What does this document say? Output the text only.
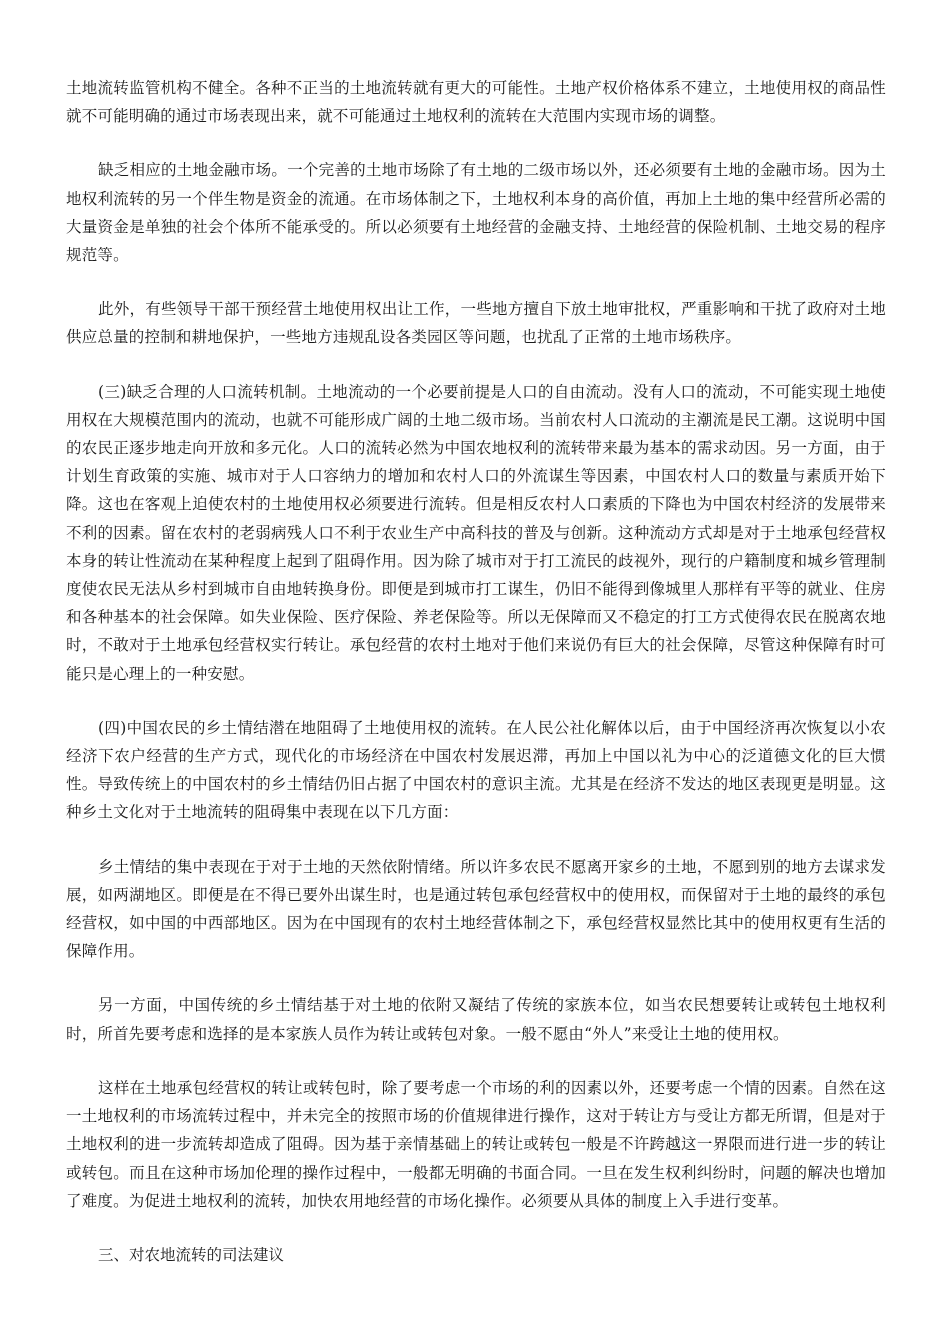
土地流转监管机构不健全。各种不正当的土地流转就有更大的可能性。土地产权价格体系不建立，土地使用权的商品性就不可能明确的通过市场表现出来，就不可能通过土地权利的流转在大范围内实现市场的调整。

缺乏相应的土地金融市场。一个完善的土地市场除了有土地的二级市场以外，还必须要有土地的金融市场。因为土地权利流转的另一个伴生物是资金的流通。在市场体制之下，土地权利本身的高价值，再加上土地的集中经营所必需的大量资金是单独的社会个体所不能承受的。所以必须要有土地经营的金融支持、土地经营的保险机制、土地交易的程序规范等。

此外，有些领导干部干预经营土地使用权出让工作，一些地方擅自下放土地审批权，严重影响和干扰了政府对土地供应总量的控制和耕地保护，一些地方违规乱设各类园区等问题，也扰乱了正常的土地市场秩序。

(三)缺乏合理的人口流转机制。土地流动的一个必要前提是人口的自由流动。没有人口的流动，不可能实现土地使用权在大规模范围内的流动，也就不可能形成广阔的土地二级市场。当前农村人口流动的主潮流是民工潮。这说明中国的农民正逐步地走向开放和多元化。人口的流转必然为中国农地权利的流转带来最为基本的需求动因。另一方面，由于计划生育政策的实施、城市对于人口容纳力的增加和农村人口的外流谋生等因素，中国农村人口的数量与素质开始下降。这也在客观上迫使农村的土地使用权必须要进行流转。但是相反农村人口素质的下降也为中国农村经济的发展带来不利的因素。留在农村的老弱病残人口不利于农业生产中高科技的普及与创新。这种流动方式却是对于土地承包经营权本身的转让性流动在某种程度上起到了阻碍作用。因为除了城市对于打工流民的歧视外，现行的户籍制度和城乡管理制度使农民无法从乡村到城市自由地转换身份。即便是到城市打工谋生，仍旧不能得到像城里人那样有平等的就业、住房和各种基本的社会保障。如失业保险、医疗保险、养老保险等。所以无保障而又不稳定的打工方式使得农民在脱离农地时，不敢对于土地承包经营权实行转让。承包经营的农村土地对于他们来说仍有巨大的社会保障，尽管这种保障有时可能只是心理上的一种安慰。

(四)中国农民的乡土情结潜在地阻碍了土地使用权的流转。在人民公社化解体以后，由于中国经济再次恢复以小农经济下农户经营的生产方式，现代化的市场经济在中国农村发展迟滞，再加上中国以礼为中心的泛道德文化的巨大惯性。导致传统上的中国农村的乡土情结仍旧占据了中国农村的意识主流。尤其是在经济不发达的地区表现更是明显。这种乡土文化对于土地流转的阻碍集中表现在以下几方面：

乡土情结的集中表现在于对于土地的天然依附情绪。所以许多农民不愿离开家乡的土地，不愿到别的地方去谋求发展，如两湖地区。即便是在不得已要外出谋生时，也是通过转包承包经营权中的使用权，而保留对于土地的最终的承包经营权，如中国的中西部地区。因为在中国现有的农村土地经营体制之下，承包经营权显然比其中的使用权更有生活的保障作用。

另一方面，中国传统的乡土情结基于对土地的依附又凝结了传统的家族本位，如当农民想要转让或转包土地权利时，所首先要考虑和选择的是本家族人员作为转让或转包对象。一般不愿由“外人”来受让土地的使用权。

这样在土地承包经营权的转让或转包时，除了要考虑一个市场的利的因素以外，还要考虑一个情的因素。自然在这一土地权利的市场流转过程中，并未完全的按照市场的价值规律进行操作，这对于转让方与受让方都无所谓，但是对于土地权利的进一步流转却造成了阻碍。因为基于亲情基础上的转让或转包一般是不许跨越这一界限而进行进一步的转让或转包。而且在这种市场加伦理的操作过程中，一般都无明确的书面合同。一旦在发生权利纠纷时，问题的解决也增加了难度。为促进土地权利的流转，加快农用地经营的市场化操作。必须要从具体的制度上入手进行变革。

三、对农地流转的司法建议
